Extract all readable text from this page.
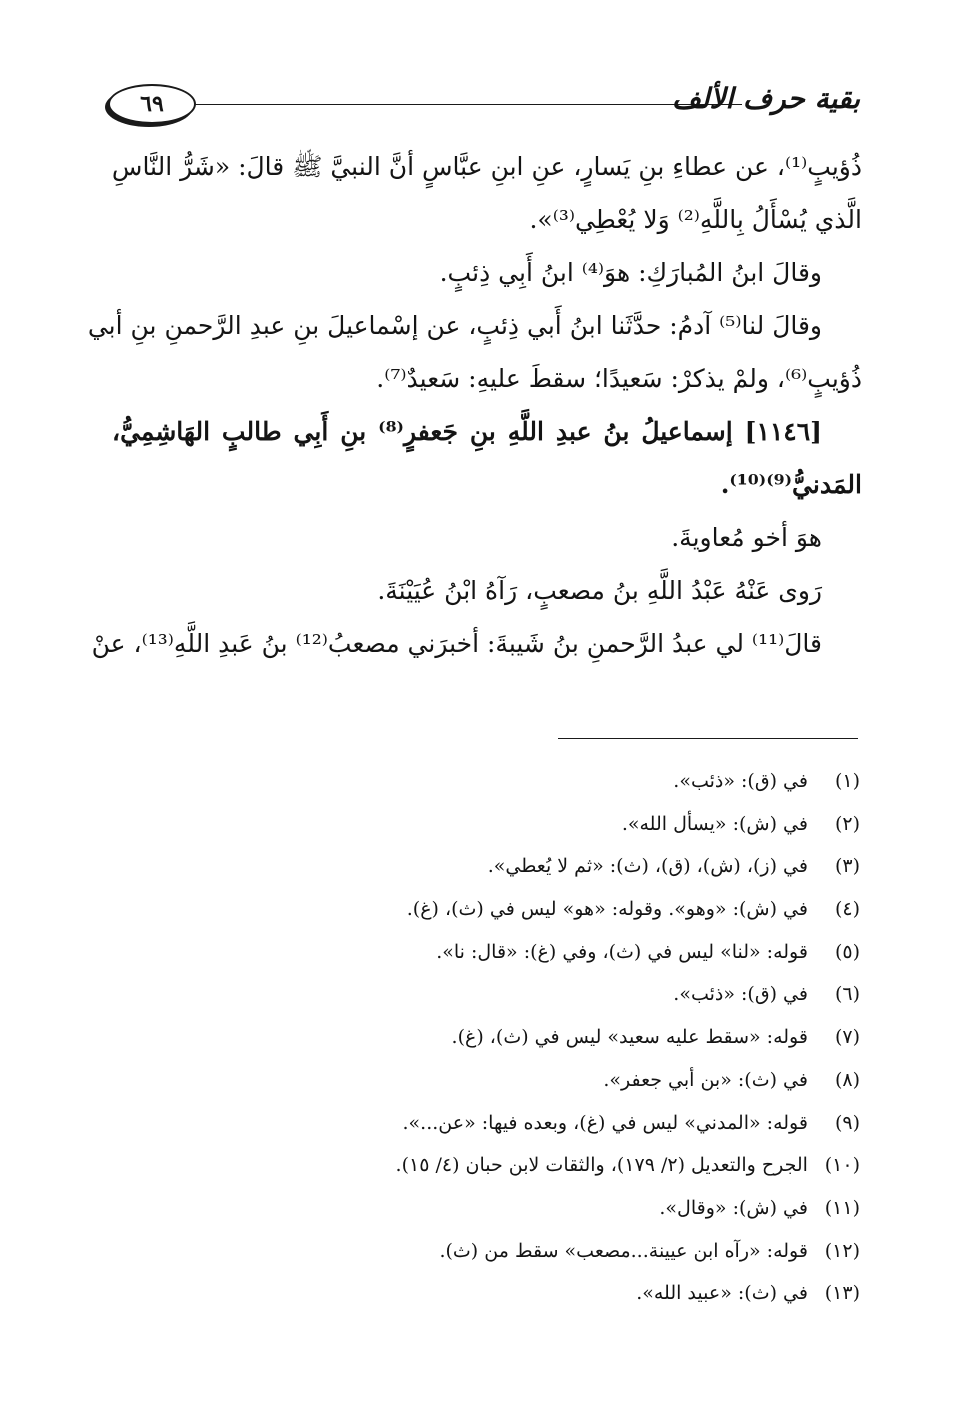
٦٩	بقية حرف الألف
ذُؤيبٍ⁽¹⁾، عن عطاءِ بنِ يَسارٍ، عنِ ابنِ عبَّاسٍ أنَّ النبيَّ ﷺ قالَ: «شَرُّ النَّاسِ
الَّذي يُسْأَلُ بِاللَّهِ⁽²⁾ وَلا يُعْطِي⁽³⁾».
وقالَ ابنُ المُبارَكِ: هوَ⁽⁴⁾ ابنُ أَبِي ذِئبٍ.
وقالَ لنا⁽⁵⁾ آدمُ: حدَّثَنا ابنُ أَبي ذِئبٍ، عن إسْماعيلَ بنِ عبدِ الرَّحمنِ بنِ أبي
ذُؤيبٍ⁽⁶⁾، ولمْ يذكرْ: سَعيدًا؛ سقطَ عليهِ: سَعيدٌ⁽⁷⁾.
[١١٤٦] إسماعيلُ بنُ عبدِ اللَّهِ بنِ جَعفرٍ⁽⁸⁾ بنِ أَبِي طالبٍ الهَاشِمِيُّ،
المَدنيُّ⁽⁹⁾⁽¹⁰⁾.
هوَ أخو مُعاويةَ.
رَوى عَنْهُ عَبْدُ اللَّهِ بنُ مصعبٍ، رَآهُ ابْنُ عُيَيْنَةَ.
قالَ⁽¹¹⁾ لي عبدُ الرَّحمنِ بنُ شَيبةَ: أخبرَني مصعبُ⁽¹²⁾ بنُ عَبدِ اللَّهِ⁽¹³⁾، عنْ
(١) في (ق): «ذئب».
(٢) في (ش): «يسأل الله».
(٣) في (ز)، (ش)، (ق)، (ث): «ثم لا يُعطي».
(٤) في (ش): «وهو». وقوله: «هو» ليس في (ث)، (غ).
(٥) قوله: «لنا» ليس في (ث)، وفي (غ): «قال: نا».
(٦) في (ق): «ذئب».
(٧) قوله: «سقط عليه سعيد» ليس في (ث)، (غ).
(٨) في (ث): «بن أبي جعفر».
(٩) قوله: «المدني» ليس في (غ)، وبعده فيها: «عن...».
(١٠) الجرح والتعديل (٢/ ١٧٩)، والثقات لابن حبان (٤/ ١٥).
(١١) في (ش): «وقال».
(١٢) قوله: «رآه ابن عيينة...مصعب» سقط من (ث).
(١٣) في (ث): «عبيد الله».
